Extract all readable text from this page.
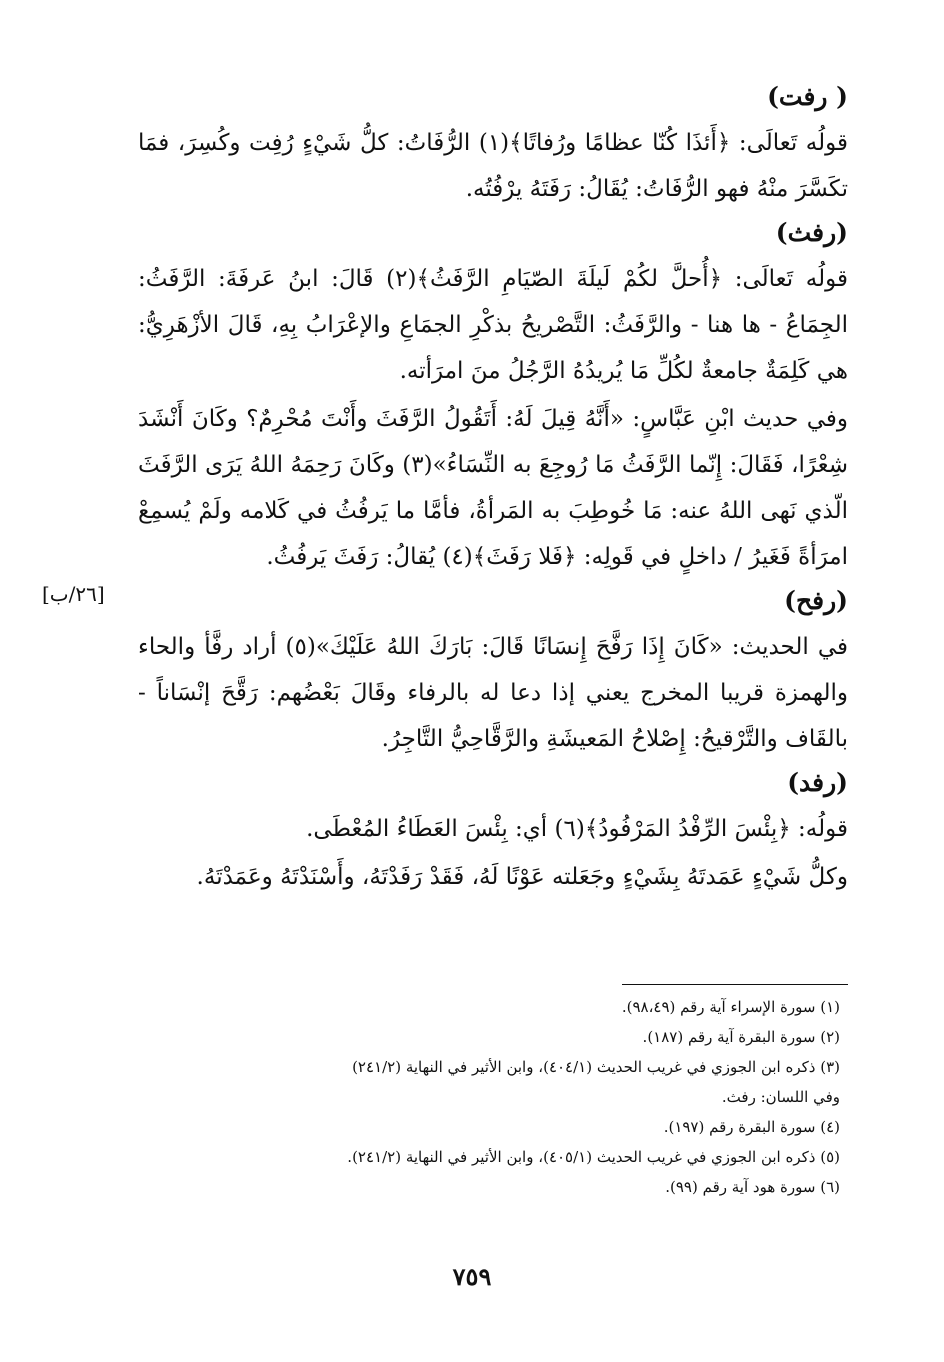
( رفت)

قولُه تَعالَى: ﴿أَئذَا كُنّا عظامًا ورُفاتًا﴾(١) الرُّفَاتُ: كلُّ شَيْءٍ رُفِت وكُسِرَ، فمَا تكَسَّرَ منْهُ فهو الرُّفَاتُ: يُقَالُ: رَفَتَهُ يرْفُتُه.

(رفث)

قولُه تَعالَى: ﴿أُحلَّ لكُمْ لَيلَةَ الصّيَامِ الرَّفَثُ﴾(٢) قَالَ: ابنُ عَرفَةَ: الرَّفَثُ: الجِمَاعُ - ها هنا - والرَّفَثُ: التَّصْريحُ بذكْرِ الجمَاعِ والإعْرَابُ بِهِ، قَالَ الأزْهَرِيُّ: هي كَلِمَةٌ جامعةٌ لكُلِّ مَا يُريدُهُ الرَّجُلُ منَ امرَأته.

وفي حديث ابْنِ عَبَّاسٍ: «أَنَّهُ قِيلَ لَهُ: أَتَقُولُ الرَّفَثَ وأَنْتَ مُحْرِمٌ؟ وكَانَ أَنْشَدَ شِعْرًا، فَقَالَ: إِنّما الرَّفَثُ مَا رُوجِعَ به النِّسَاءُ»(٣) وكَانَ رَحِمَهُ اللهُ يَرَى الرَّفَثَ الّذي نَهى اللهُ عنه: مَا خُوطِبَ به المَرأةُ، فأمَّا ما يَرفُثُ في كَلامه ولَمْ يُسمِعْ امرَأةً فَغَيرُ / داخلٍ في قَولِه: ﴿فَلا رَفَثَ﴾(٤) يُقالُ: رَفَثَ يَرفُثُ.

(رفح)

في الحديث: «كَانَ إِذَا رَفَّحَ إِنسَانًا قَالَ: بَارَكَ اللهُ عَلَيْكَ»(٥) أراد رفَّأ والحاء والهمزة قريبا المخرج يعني إذا دعا له بالرفاء وقَالَ بَعْضُهم: رَقَّحَ إنْسَاناً - بالقَاف والتَّرْقيحُ: إِصْلاحُ المَعيشَةِ والرَّقَّاحِيُّ التَّاجِرُ.

(رفد)

قولُه: ﴿بِئْسَ الرِّفْدُ المَرْفُودُ﴾(٦) أي: بِئْسَ العَطَاءُ المُعْطَى.

وكلُّ شَيْءٍ عَمَدتَهُ بِشَيْءٍ وجَعَلته عَوْنًا لَهُ، فَقَدْ رَفَدْتَهُ، وأَسْنَدْتَهُ وعَمَدْتَهُ.

[٢٦/ب]

(١) سورة الإسراء آية رقم (٩٨،٤٩).

(٢) سورة البقرة آية رقم (١٨٧).

(٣) ذكره ابن الجوزي في غريب الحديث (٤٠٤/١)، وابن الأثير في النهاية (٢٤١/٢)

وفي اللسان: رفث.

(٤) سورة البقرة رقم (١٩٧).

(٥) ذكره ابن الجوزي في غريب الحديث (٤٠٥/١)، وابن الأثير في النهاية (٢٤١/٢).

(٦) سورة هود آية رقم (٩٩).

٧٥٩
